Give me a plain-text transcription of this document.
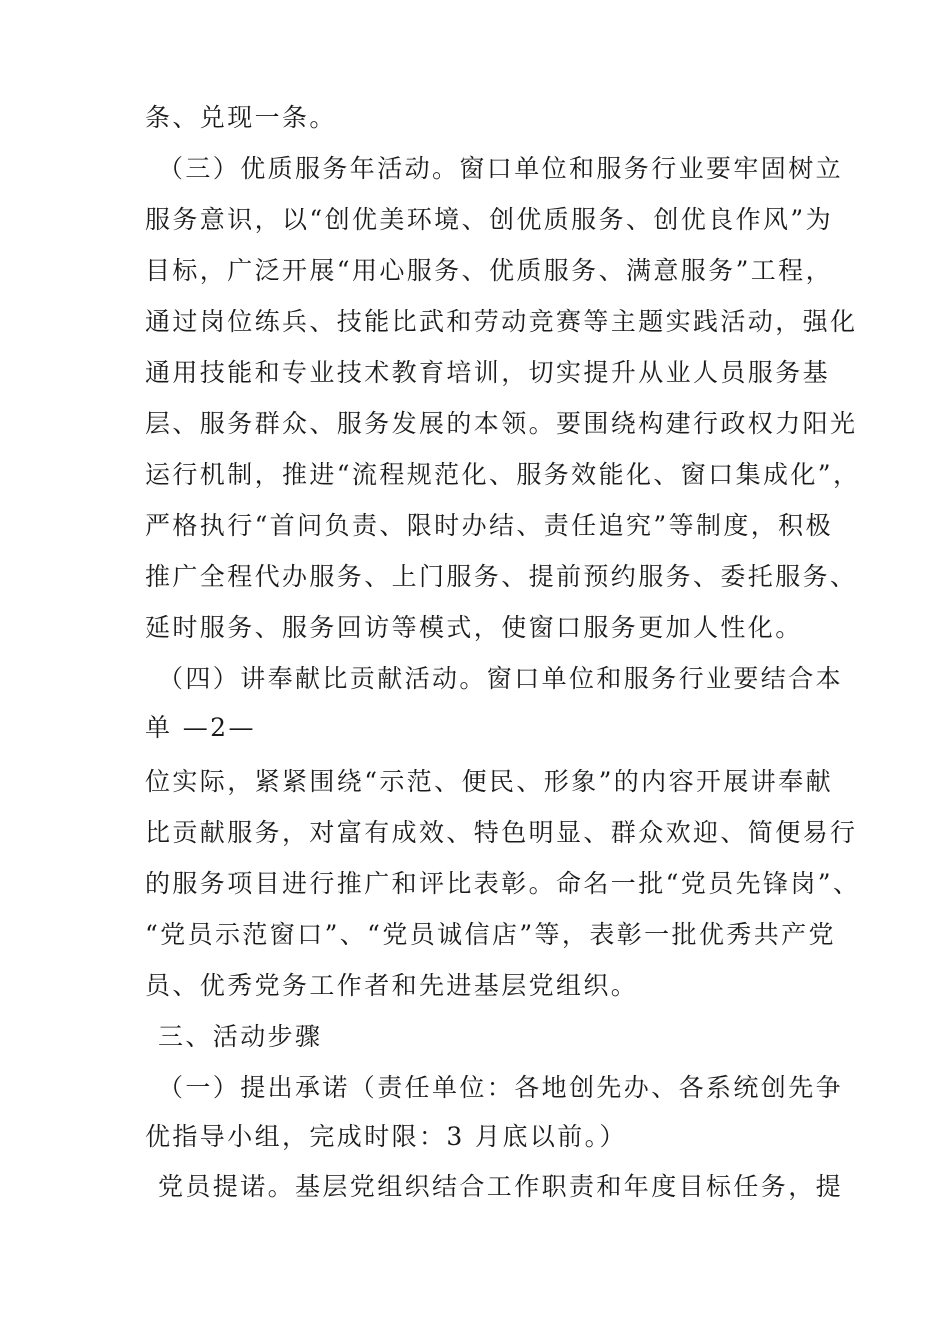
条、兑现一条。
（三）优质服务年活动。窗口单位和服务行业要牢固树立
服务意识，以“创优美环境、创优质服务、创优良作风”为
目标，广泛开展“用心服务、优质服务、满意服务”工程，
通过岗位练兵、技能比武和劳动竞赛等主题实践活动，强化
通用技能和专业技术教育培训，切实提升从业人员服务基
层、服务群众、服务发展的本领。要围绕构建行政权力阳光
运行机制，推进“流程规范化、服务效能化、窗口集成化”，
严格执行“首问负责、限时办结、责任追究”等制度，积极
推广全程代办服务、上门服务、提前预约服务、委托服务、
延时服务、服务回访等模式，使窗口服务更加人性化。
（四）讲奉献比贡献活动。窗口单位和服务行业要结合本
单 —2—
位实际，紧紧围绕“示范、便民、形象”的内容开展讲奉献
比贡献服务，对富有成效、特色明显、群众欢迎、简便易行
的服务项目进行推广和评比表彰。命名一批“党员先锋岗”、
“党员示范窗口”、“党员诚信店”等，表彰一批优秀共产党
员、优秀党务工作者和先进基层党组织。
三、活动步骤
（一）提出承诺（责任单位：各地创先办、各系统创先争
优指导小组，完成时限：3 月底以前。）
党员提诺。基层党组织结合工作职责和年度目标任务，提
